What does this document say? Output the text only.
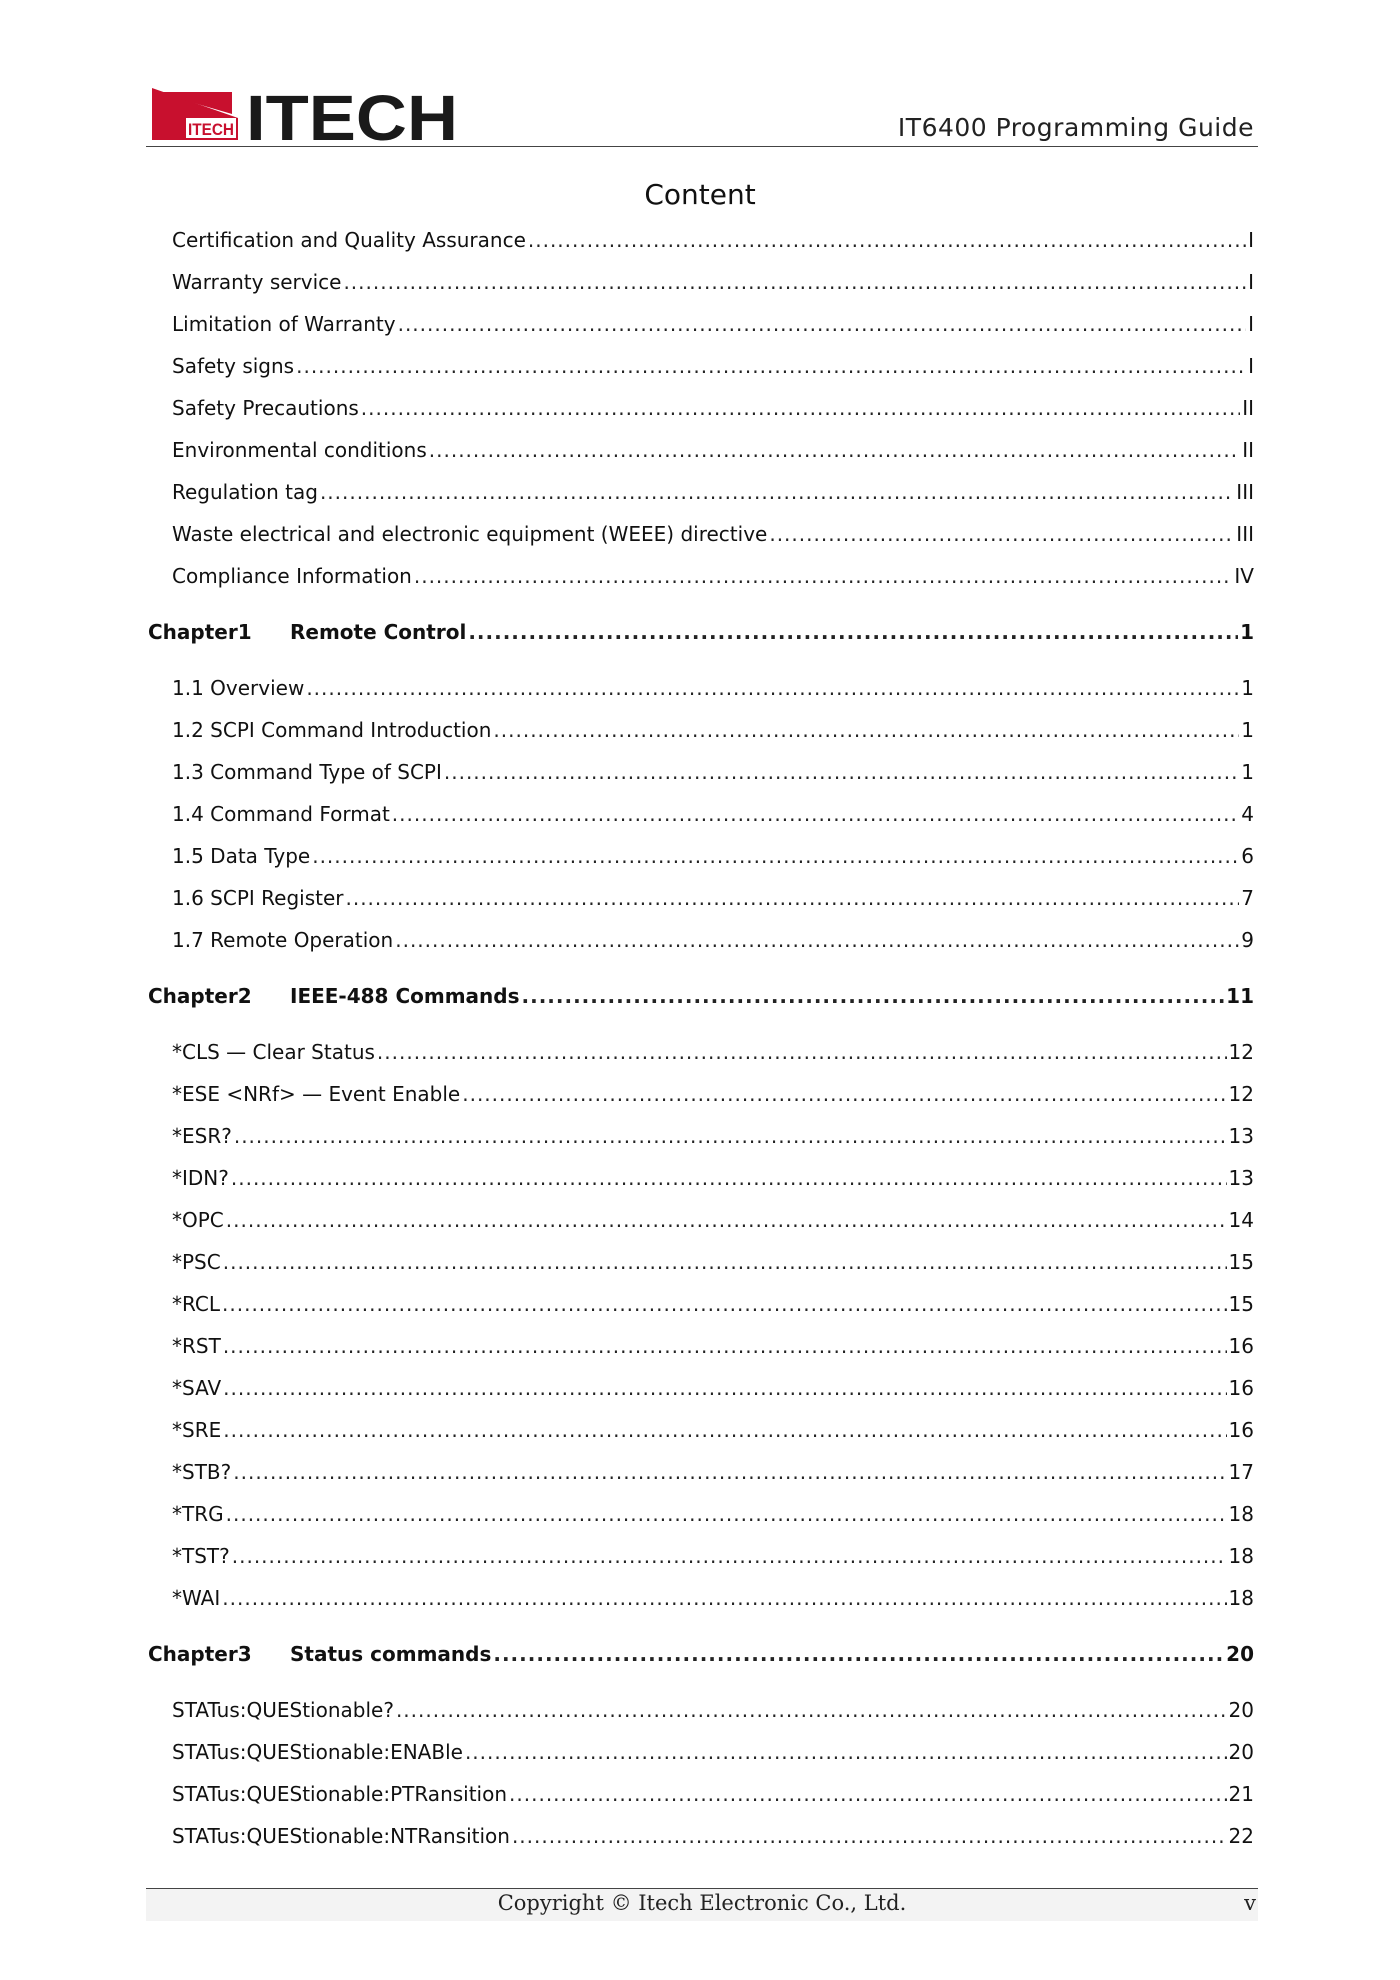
ITECH ITECH	IT6400 Programming Guide
Content
Certification and Quality Assurance .....	I
Warranty service .....	I
Limitation of Warranty .....	I
Safety signs .....	I
Safety Precautions .....	II
Environmental conditions .....	II
Regulation tag .....	III
Waste electrical and electronic equipment (WEEE) directive .....	III
Compliance Information .....	IV
Chapter1 Remote Control .....	1
1.1 Overview .....	1
1.2 SCPI Command Introduction .....	1
1.3 Command Type of SCPI .....	1
1.4 Command Format .....	4
1.5 Data Type .....	6
1.6 SCPI Register .....	7
1.7 Remote Operation .....	9
Chapter2 IEEE-488 Commands .....	11
*CLS — Clear Status .....	12
*ESE <NRf> — Event Enable .....	12
*ESR? .....	13
*IDN? .....	13
*OPC .....	14
*PSC .....	15
*RCL .....	15
*RST .....	16
*SAV .....	16
*SRE .....	16
*STB? .....	17
*TRG .....	18
*TST? .....	18
*WAI .....	18
Chapter3 Status commands .....	20
STATus:QUEStionable? .....	20
STATus:QUEStionable:ENABle .....	20
STATus:QUEStionable:PTRansition .....	21
STATus:QUEStionable:NTRansition .....	22
Copyright © Itech Electronic Co., Ltd.	v
